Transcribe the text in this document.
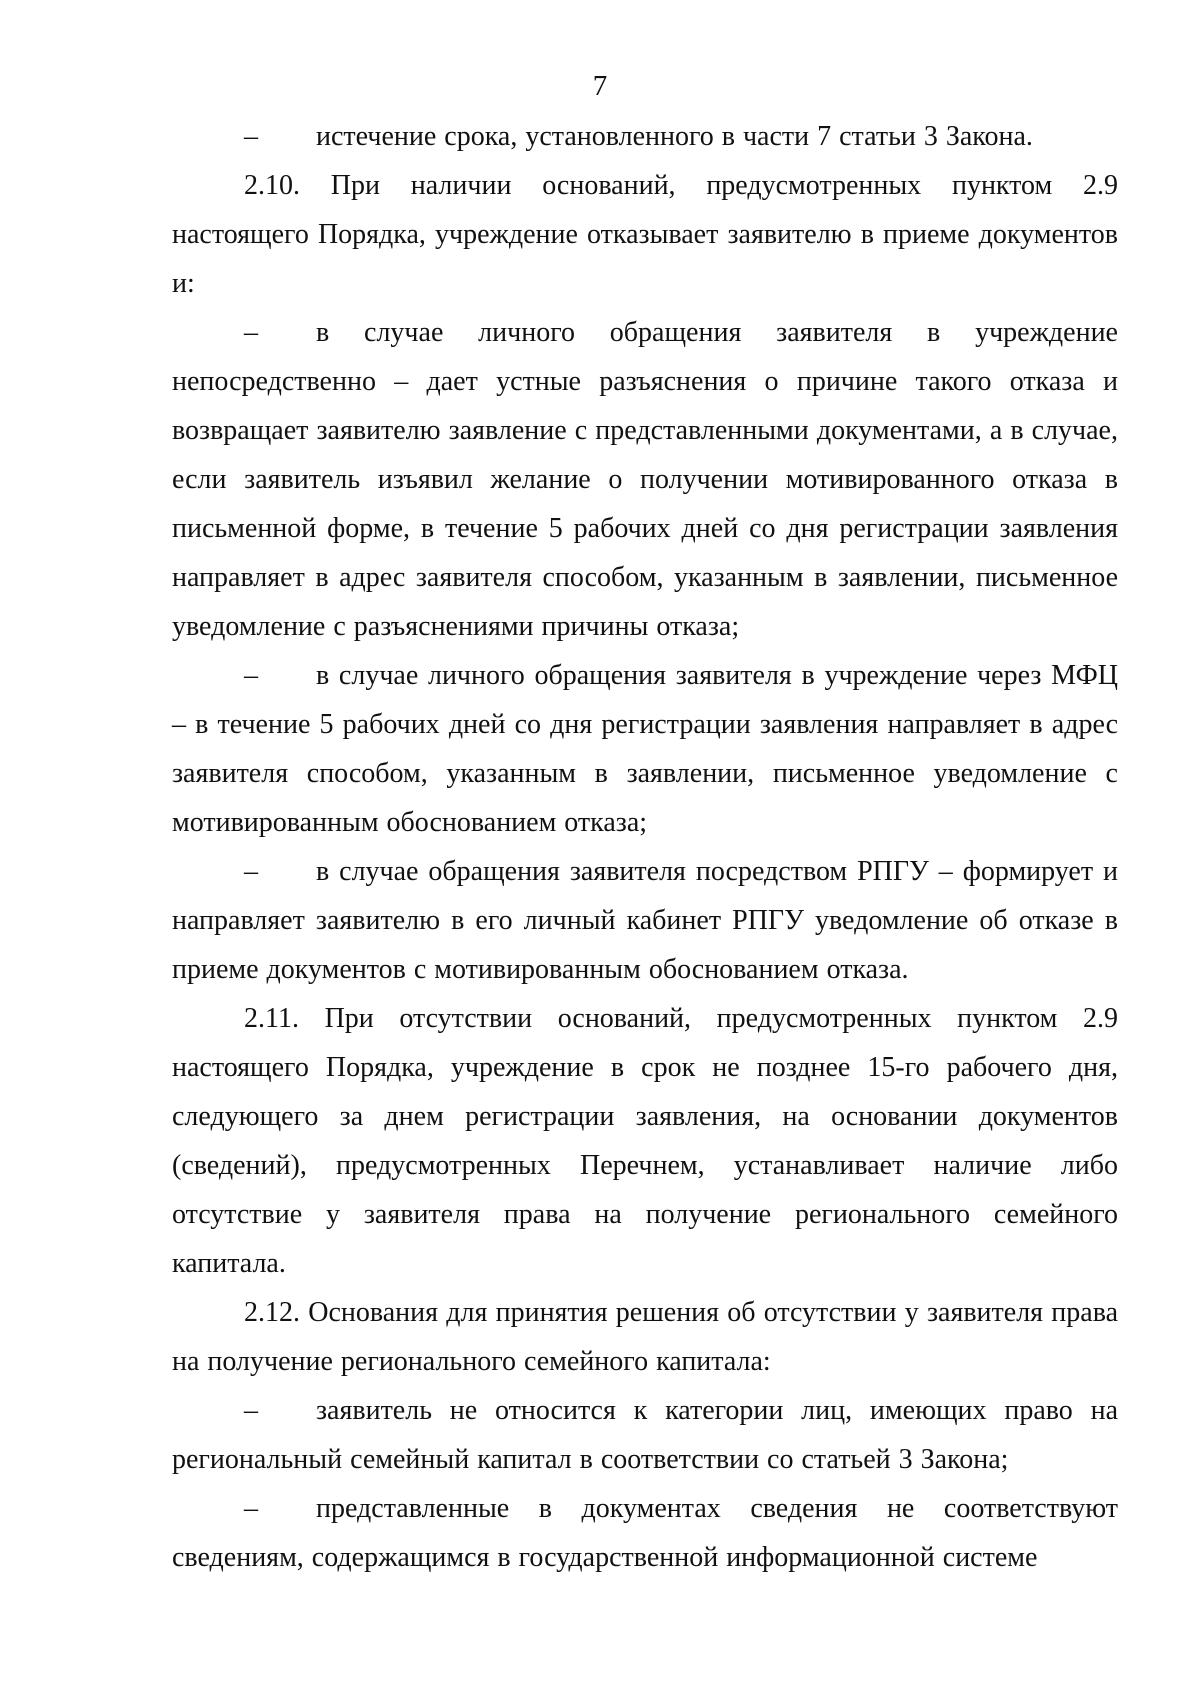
7

– истечение срока, установленного в части 7 статьи 3 Закона.

2.10. При наличии оснований, предусмотренных пунктом 2.9 настоящего Порядка, учреждение отказывает заявителю в приеме документов и:

– в случае личного обращения заявителя в учреждение непосредственно – дает устные разъяснения о причине такого отказа и возвращает заявителю заявление с представленными документами, а в случае, если заявитель изъявил желание о получении мотивированного отказа в письменной форме, в течение 5 рабочих дней со дня регистрации заявления направляет в адрес заявителя способом, указанным в заявлении, письменное уведомление с разъяснениями причины отказа;

– в случае личного обращения заявителя в учреждение через МФЦ – в течение 5 рабочих дней со дня регистрации заявления направляет в адрес заявителя способом, указанным в заявлении, письменное уведомление с мотивированным обоснованием отказа;

– в случае обращения заявителя посредством РПГУ – формирует и направляет заявителю в его личный кабинет РПГУ уведомление об отказе в приеме документов с мотивированным обоснованием отказа.

2.11. При отсутствии оснований, предусмотренных пунктом 2.9 настоящего Порядка, учреждение в срок не позднее 15-го рабочего дня, следующего за днем регистрации заявления, на основании документов (сведений), предусмотренных Перечнем, устанавливает наличие либо отсутствие у заявителя права на получение регионального семейного капитала.

2.12. Основания для принятия решения об отсутствии у заявителя права на получение регионального семейного капитала:

– заявитель не относится к категории лиц, имеющих право на региональный семейный капитал в соответствии со статьей 3 Закона;

– представленные в документах сведения не соответствуют сведениям, содержащимся в государственной информационной системе
